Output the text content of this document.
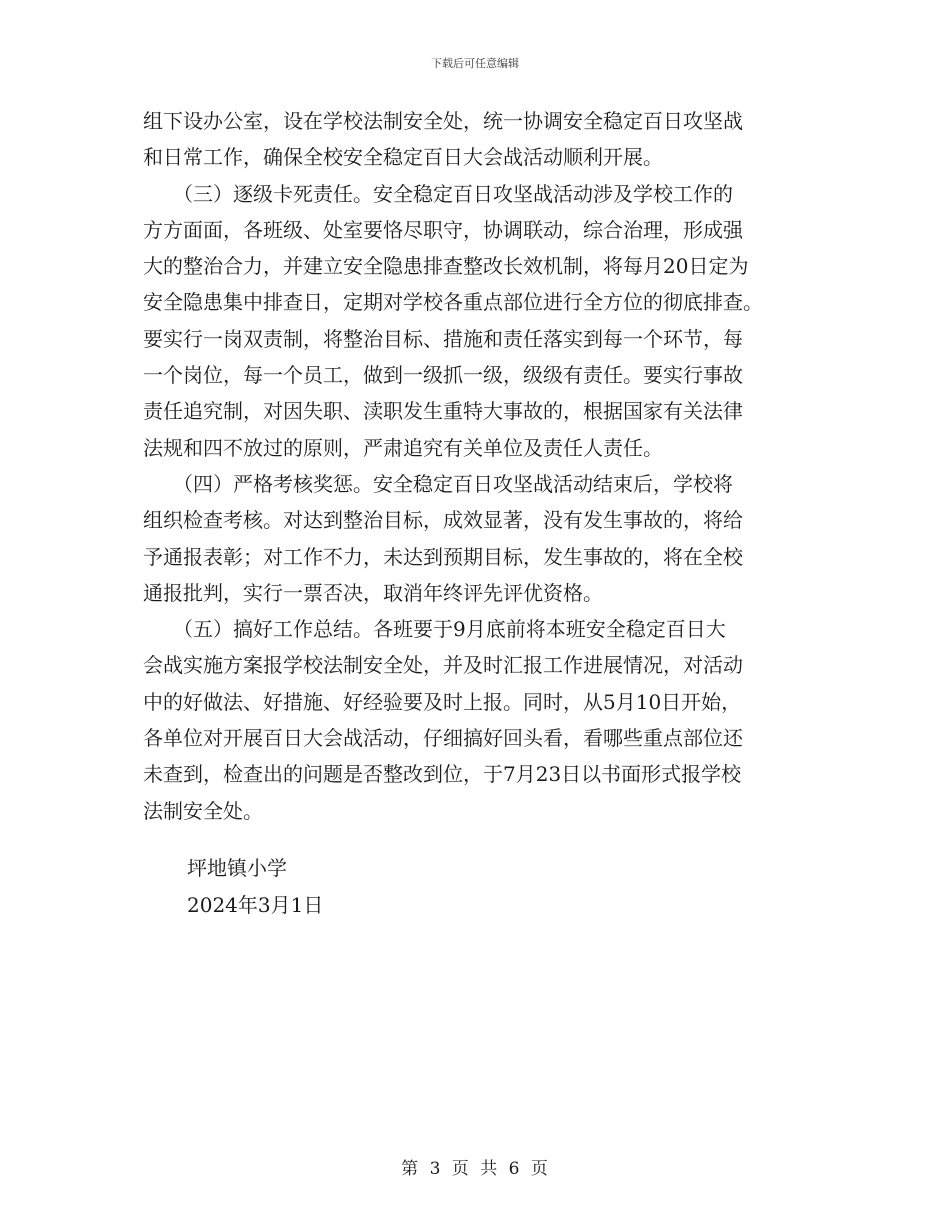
下载后可任意编辑
组下设办公室，设在学校法制安全处，统一协调安全稳定百日攻坚战
和日常工作，确保全校安全稳定百日大会战活动顺利开展。
　　（三）逐级卡死责任。安全稳定百日攻坚战活动涉及学校工作的
方方面面，各班级、处室要恪尽职守，协调联动，综合治理，形成强
大的整治合力，并建立安全隐患排查整改长效机制，将每月20日定为
安全隐患集中排查日，定期对学校各重点部位进行全方位的彻底排查。
要实行一岗双责制，将整治目标、措施和责任落实到每一个环节，每
一个岗位，每一个员工，做到一级抓一级，级级有责任。要实行事故
责任追究制，对因失职、渎职发生重特大事故的，根据国家有关法律
法规和四不放过的原则，严肃追究有关单位及责任人责任。
　　（四）严格考核奖惩。安全稳定百日攻坚战活动结束后，学校将
组织检查考核。对达到整治目标，成效显著，没有发生事故的，将给
予通报表彰；对工作不力，未达到预期目标，发生事故的，将在全校
通报批判，实行一票否决，取消年终评先评优资格。
　　（五）搞好工作总结。各班要于9月底前将本班安全稳定百日大
会战实施方案报学校法制安全处，并及时汇报工作进展情况，对活动
中的好做法、好措施、好经验要及时上报。同时，从5月10日开始，
各单位对开展百日大会战活动，仔细搞好回头看，看哪些重点部位还
未查到，检查出的问题是否整改到位，于7月23日以书面形式报学校
法制安全处。
坪地镇小学
2024年3月1日
第 3 页 共 6 页
